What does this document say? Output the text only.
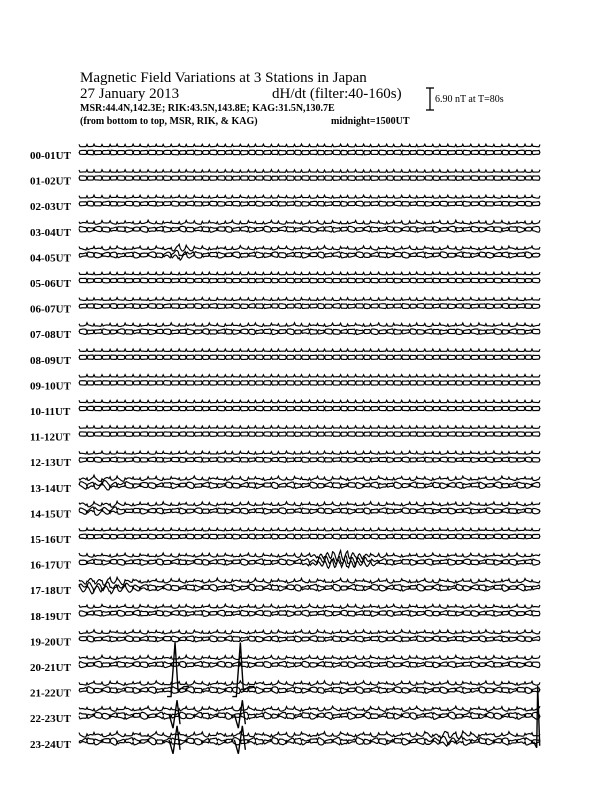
Magnetic Field Variations at 3 Stations in Japan
27 January 2013	dH/dt (filter:40-160s)
MSR:44.4N,142.3E; RIK:43.5N,143.8E; KAG:31.5N,130.7E
(from bottom to top, MSR, RIK, & KAG)	midnight=1500UT
6.90 nT at T=80s
00-01UT
01-02UT
02-03UT
03-04UT
04-05UT
05-06UT
06-07UT
07-08UT
08-09UT
09-10UT
10-11UT
11-12UT
12-13UT
13-14UT
14-15UT
15-16UT
16-17UT
17-18UT
18-19UT
19-20UT
20-21UT
21-22UT
22-23UT
23-24UT
